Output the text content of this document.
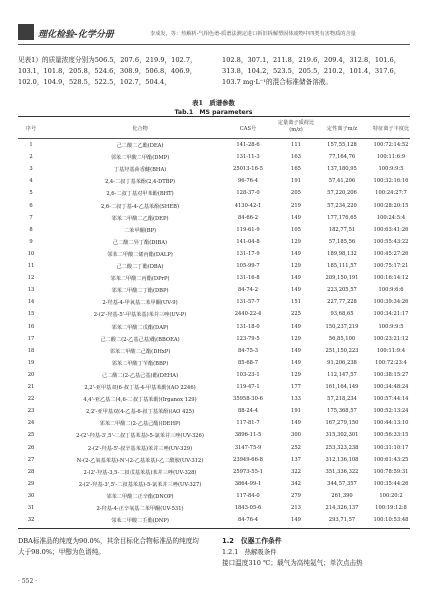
理化检验-化学分册	李成发，等：热解析-气相色谱-质谱法测定进口拆旧拆解塑固体废物中四类有害物质的含量
见表1）的质量浓度分别为506.5，207.6，219.9，102.7，103.1，101.8，205.8，524.6，308.9，506.8，406.9，102.0，104.9，528.5，522.5，102.7，504.4，
102.8，307.1，211.8，219.6，209.4，312.8，101.6，313.8，104.2，523.5，205.5，210.2，101.4，317.6，103.7 mg·L⁻¹的混合标准储备溶液。
表1　质谱参数
Tab.1　MS parameters
序号	化合物	CAS号
定量离子质荷比(m/z)	定性离子m/z	特征离子丰度比
1	己二酸二乙酯(DEA)	141-28-6	111	157,55,128	100:72:14:52
2	邻苯二甲酸二甲酯(DMP)	131-11-3	163	77,164,76	100:11:6:9
3	丁基羟基茴香醚(BHA)	25013-16-5	165	137,180,95	100:9:9:5
4	2,4-二叔丁基苯酚(2,4-DTBP)	96-76-4	191	57,41,206	100:32:16:16
5	2,6-二叔丁基对甲苯酚(BHT)	128-37-0	205	57,220,206	100:24:27:7
6	2,6-二叔丁基-4-乙基苯酚(SHEB)	4130-42-1	219	57,234,220	100:28:20:15
7	邻苯二甲酸二乙酯(DEP)	84-66-2	149	177,176,65	100:24:5:4
8	二苯甲酮(BP)	119-61-9	105	182,77,51	100:63:41:26
9	己二酸二异丁酯(DIBA)	141-04-8	129	57,185,56	100:55:43:22
10	邻苯二甲酸二烯丙酯(DALP)	131-17-9	149	189,98,132	100:45:27:26
11	己二酸二丁酯(DBA)	105-99-7	129	185,111,57	100:75:17:21
12	邻苯二甲酸二丙酯(DPrP)	131-16-8	149	209,150,191	100:16:14:12
13	邻苯二甲酸二丁酯(DBP)	84-74-2	149	223,205,57	100:9:6:6
14	2-羟基-4-甲氧基二苯甲酮(UV-9)	131-57-7	151	227,77,228	100:39:34:26
15	2-(2'-羟基-5'-甲基苯基)苯并三唑(UV-P)	2440-22-4	225	93,68,65	100:34:21:17
16	邻苯二甲酸二戊酯(DAP)	131-18-0	149	150,237,219	100:9:9:5
17	己二酸二(2-乙基己基)酯(BBOEA)	123-79-5	129	56,85,100	100:23:21:12
18	邻苯二甲酸二己酯(DHxP)	84-75-3	149	251,150,223	100:11:9:4
19	邻苯二甲酸丁苄酯(BBP)	85-68-7	149	91,206,238	100:72:23:4
20	己二酸二(2-乙基己基)酯(DEHA)	103-23-1	129	112,147,57	100:38:15:27
21	2,2'-亚甲基双(6-叔丁基-4-甲基苯酚)(AO 2246)	119-47-1	177	161,164,149	100:34:48:24
22	4,4'-亚乙基二(4,6-二叔丁基苯酚)(Irganox 129)	35958-30-6	133	57,218,234	100:57:44:14
23	2,2'-亚甲基双(4-乙基-6-叔丁基苯酚)(AO 425)	88-24-4	191	175,368,57	100:52:13:24
24	邻苯二甲酸二(2-乙基己酯)(DEHP)	117-81-7	149	167,279,150	100:44:13:10
25	2-(2'-羟基-3',5'-二叔丁基苯基)-5-氯苯并三唑(UV-326)	3896-11-5	300	315,302,301	100:56:33:15
26	2-(2'-羟基-5'-叔辛基苯基)苯并三唑(UV-329)	3147-75-9	252	253,323,238	100:31:10:17
27	N-(2-乙氧基苯基)-N'-(2-乙基苯基)-乙二酰胺(UV-312)	23949-66-8	137	312,136,108	100:61:43:25
28	2-(2'-羟基-3,5-二叔戊基苯基)苯并三唑(UV-328)	25973-55-1	322	351,336,322	100:78:59:31
29	2-(2'-羟基-3',5'-二叔基苯基)-5-氯苯并三唑(UV-327)	3864-99-1	342	344,57,357	100:35:44:26
30	邻苯二甲酸二正辛酯(DNOP)	117-84-0	279	261,390	100:20:2
31	2-羟基-4-正辛氧基二苯甲酮(UV-531)	1843-05-6	213	214,326,137	100:19:12:8
32	邻苯二甲酸二壬酯(DNP)	84-76-4	149	293,71,57	100:10:53:48
DBA标准品的纯度为90.0%，其余目标化合物标准品的纯度均大于98.0%；甲醇为色谱纯。
1.2　仪器工作条件
1.2.1　热解吸条件
接口温度310 ℃；载气为高纯氦气；单次点击热
· 552 ·
